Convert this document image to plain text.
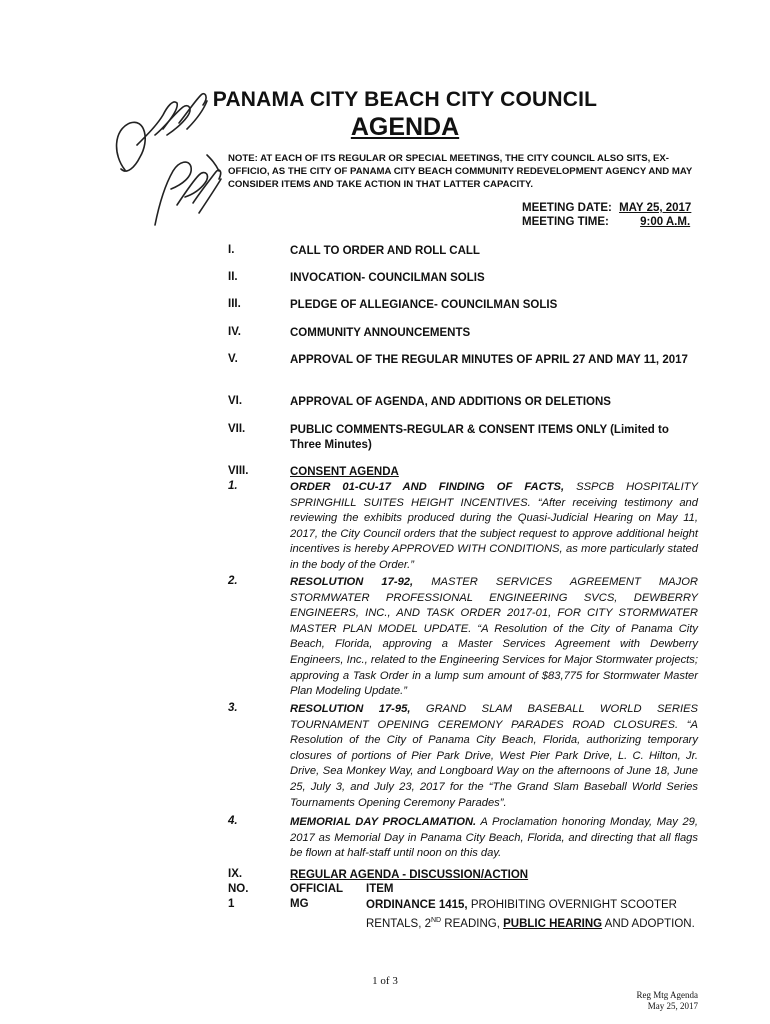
PANAMA CITY BEACH CITY COUNCIL
AGENDA
NOTE: AT EACH OF ITS REGULAR OR SPECIAL MEETINGS, THE CITY COUNCIL ALSO SITS, EX-OFFICIO, AS THE CITY OF PANAMA CITY BEACH COMMUNITY REDEVELOPMENT AGENCY AND MAY CONSIDER ITEMS AND TAKE ACTION IN THAT LATTER CAPACITY.
MEETING DATE: MAY 25, 2017
MEETING TIME:	9:00 A.M.
I.	CALL TO ORDER AND ROLL CALL
II.	INVOCATION- COUNCILMAN SOLIS
III.	PLEDGE OF ALLEGIANCE- COUNCILMAN SOLIS
IV.	COMMUNITY ANNOUNCEMENTS
V.	APPROVAL OF THE REGULAR MINUTES OF APRIL 27 AND MAY 11, 2017
VI.	APPROVAL OF AGENDA, AND ADDITIONS OR DELETIONS
VII.	PUBLIC COMMENTS-REGULAR & CONSENT ITEMS ONLY (Limited to Three Minutes)
VIII.	CONSENT AGENDA
1.	ORDER 01-CU-17 AND FINDING OF FACTS, SSPCB HOSPITALITY SPRINGHILL SUITES HEIGHT INCENTIVES. “After receiving testimony and reviewing the exhibits produced during the Quasi-Judicial Hearing on May 11, 2017, the City Council orders that the subject request to approve additional height incentives is hereby APPROVED WITH CONDITIONS, as more particularly stated in the body of the Order.”
2.	RESOLUTION 17-92, MASTER SERVICES AGREEMENT MAJOR STORMWATER PROFESSIONAL ENGINEERING SVCS, DEWBERRY ENGINEERS, INC., AND TASK ORDER 2017-01, FOR CITY STORMWATER MASTER PLAN MODEL UPDATE. “A Resolution of the City of Panama City Beach, Florida, approving a Master Services Agreement with Dewberry Engineers, Inc., related to the Engineering Services for Major Stormwater projects; approving a Task Order in a lump sum amount of $83,775 for Stormwater Master Plan Modeling Update.”
3.	RESOLUTION 17-95, GRAND SLAM BASEBALL WORLD SERIES TOURNAMENT OPENING CEREMONY PARADES ROAD CLOSURES. “A Resolution of the City of Panama City Beach, Florida, authorizing temporary closures of portions of Pier Park Drive, West Pier Park Drive, L. C. Hilton, Jr. Drive, Sea Monkey Way, and Longboard Way on the afternoons of June 18, June 25, July 3, and July 23, 2017 for the “The Grand Slam Baseball World Series Tournaments Opening Ceremony Parades”.
4.	MEMORIAL DAY PROCLAMATION. A Proclamation honoring Monday, May 29, 2017 as Memorial Day in Panama City Beach, Florida, and directing that all flags be flown at half-staff until noon on this day.
IX.	REGULAR AGENDA - DISCUSSION/ACTION
NO.	OFFICIAL ITEM
1	MG	ORDINANCE 1415, PROHIBITING OVERNIGHT SCOOTER RENTALS, 2ND READING, PUBLIC HEARING AND ADOPTION.
1 of 3
Reg Mtg Agenda
May 25, 2017
